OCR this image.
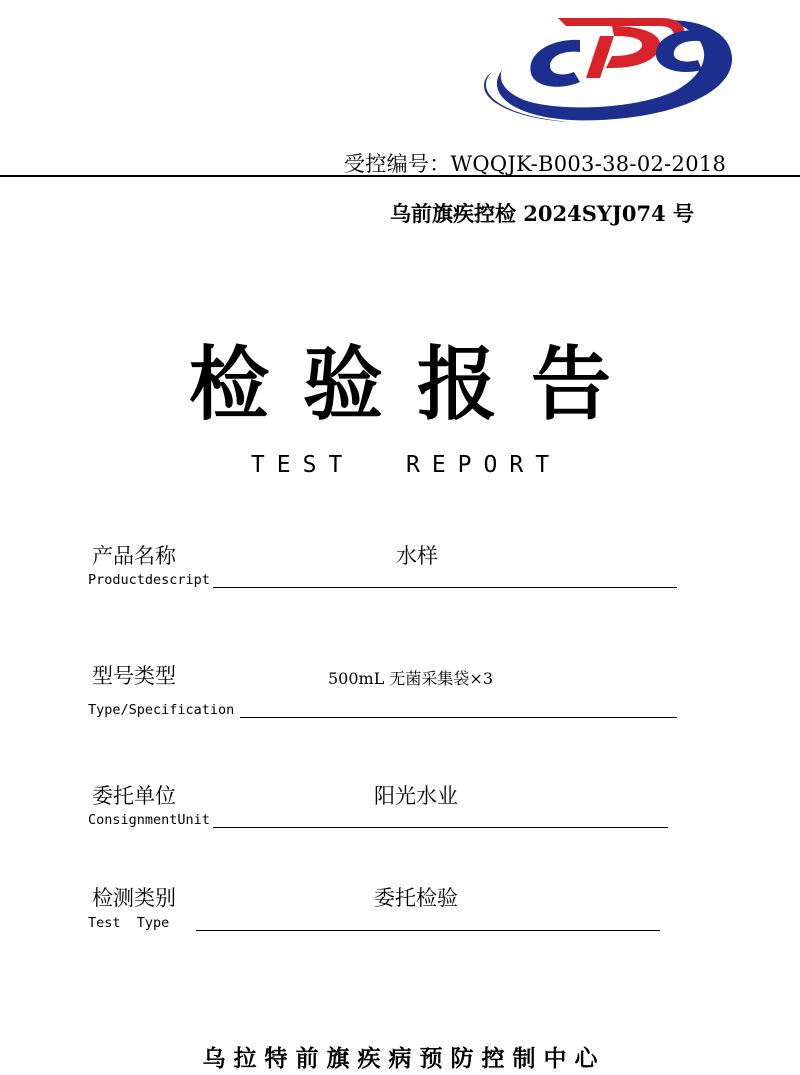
受控编号：WQQJK-B003-38-02-2018
乌前旗疾控检 2024SYJ074 号
检验报告
TEST  REPORT
产品名称	水样
Productdescript
型号类型	500mL 无菌采集袋×3
Type/Specification
委托单位	阳光水业
ConsignmentUnit
检测类别	委托检验
Test  Type
乌拉特前旗疾病预防控制中心
